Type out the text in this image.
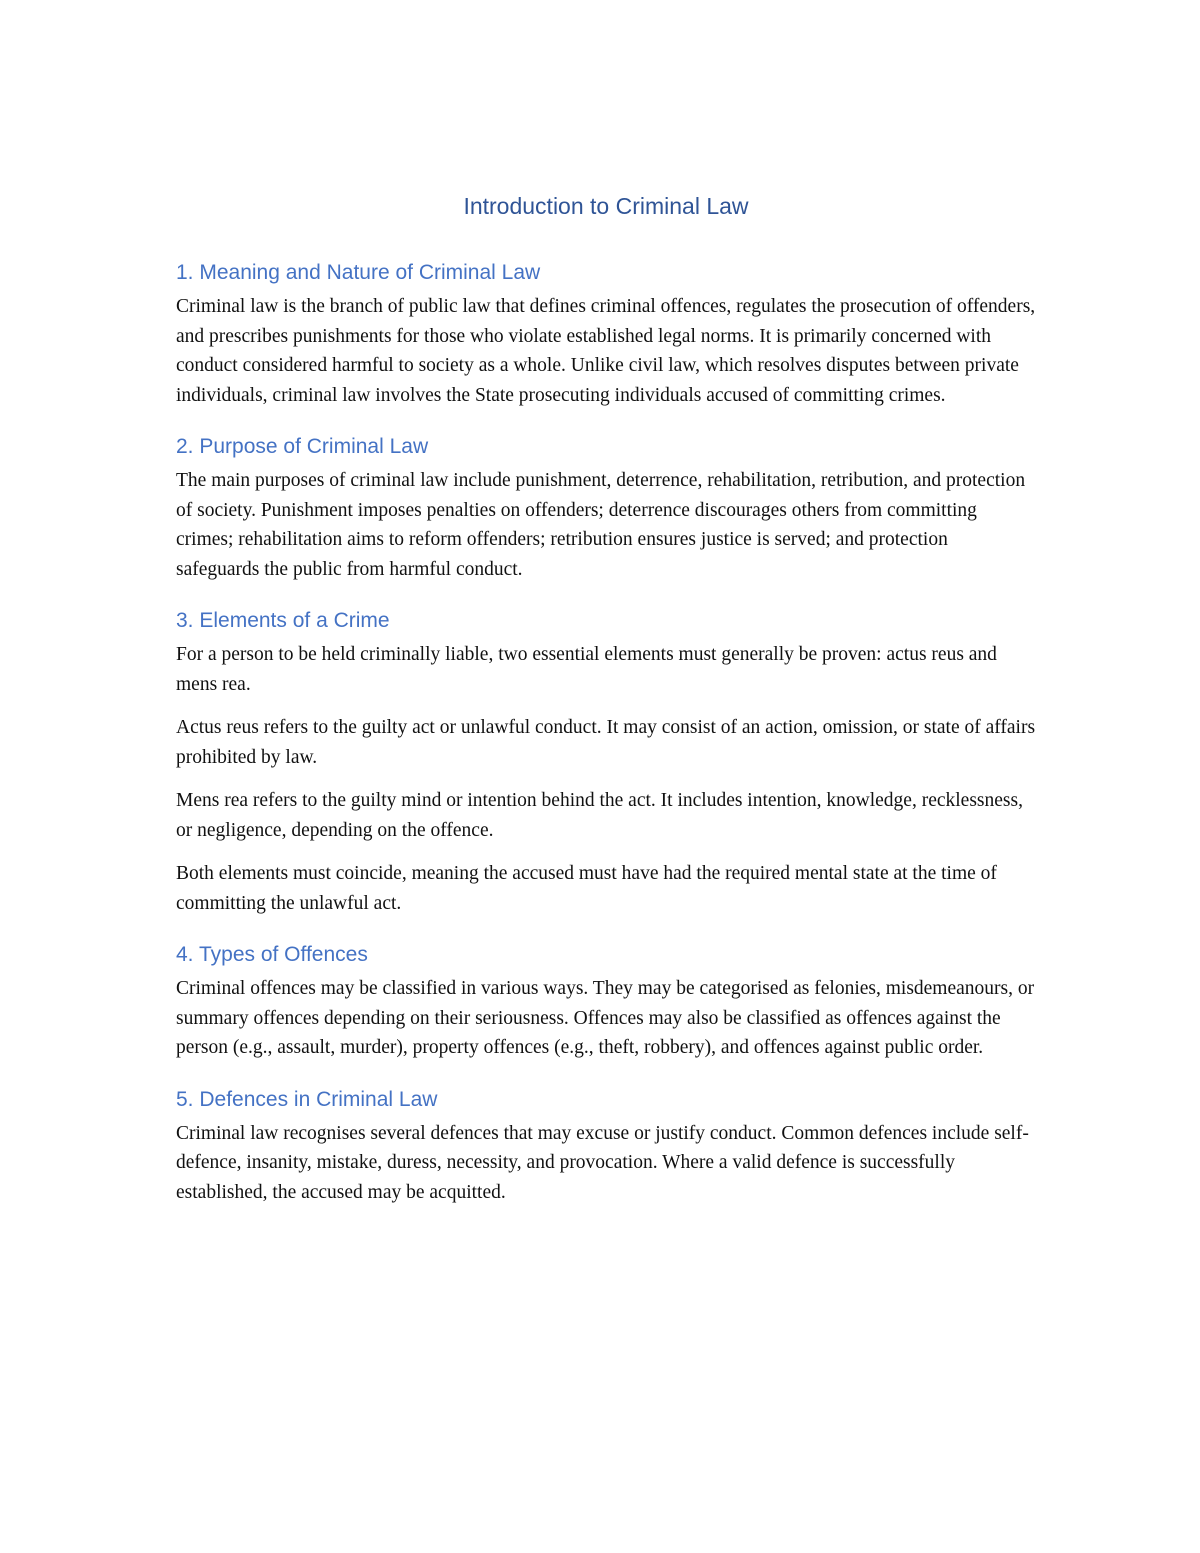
Introduction to Criminal Law
1. Meaning and Nature of Criminal Law

Criminal law is the branch of public law that defines criminal offences, regulates the prosecution of offenders, and prescribes punishments for those who violate established legal norms. It is primarily concerned with conduct considered harmful to society as a whole. Unlike civil law, which resolves disputes between private individuals, criminal law involves the State prosecuting individuals accused of committing crimes.

2. Purpose of Criminal Law

The main purposes of criminal law include punishment, deterrence, rehabilitation, retribution, and protection of society. Punishment imposes penalties on offenders; deterrence discourages others from committing crimes; rehabilitation aims to reform offenders; retribution ensures justice is served; and protection safeguards the public from harmful conduct.

3. Elements of a Crime

For a person to be held criminally liable, two essential elements must generally be proven: actus reus and mens rea.

Actus reus refers to the guilty act or unlawful conduct. It may consist of an action, omission, or state of affairs prohibited by law.

Mens rea refers to the guilty mind or intention behind the act. It includes intention, knowledge, recklessness, or negligence, depending on the offence.

Both elements must coincide, meaning the accused must have had the required mental state at the time of committing the unlawful act.

4. Types of Offences

Criminal offences may be classified in various ways. They may be categorised as felonies, misdemeanours, or summary offences depending on their seriousness. Offences may also be classified as offences against the person (e.g., assault, murder), property offences (e.g., theft, robbery), and offences against public order.

5. Defences in Criminal Law

Criminal law recognises several defences that may excuse or justify conduct. Common defences include self-defence, insanity, mistake, duress, necessity, and provocation. Where a valid defence is successfully established, the accused may be acquitted.
